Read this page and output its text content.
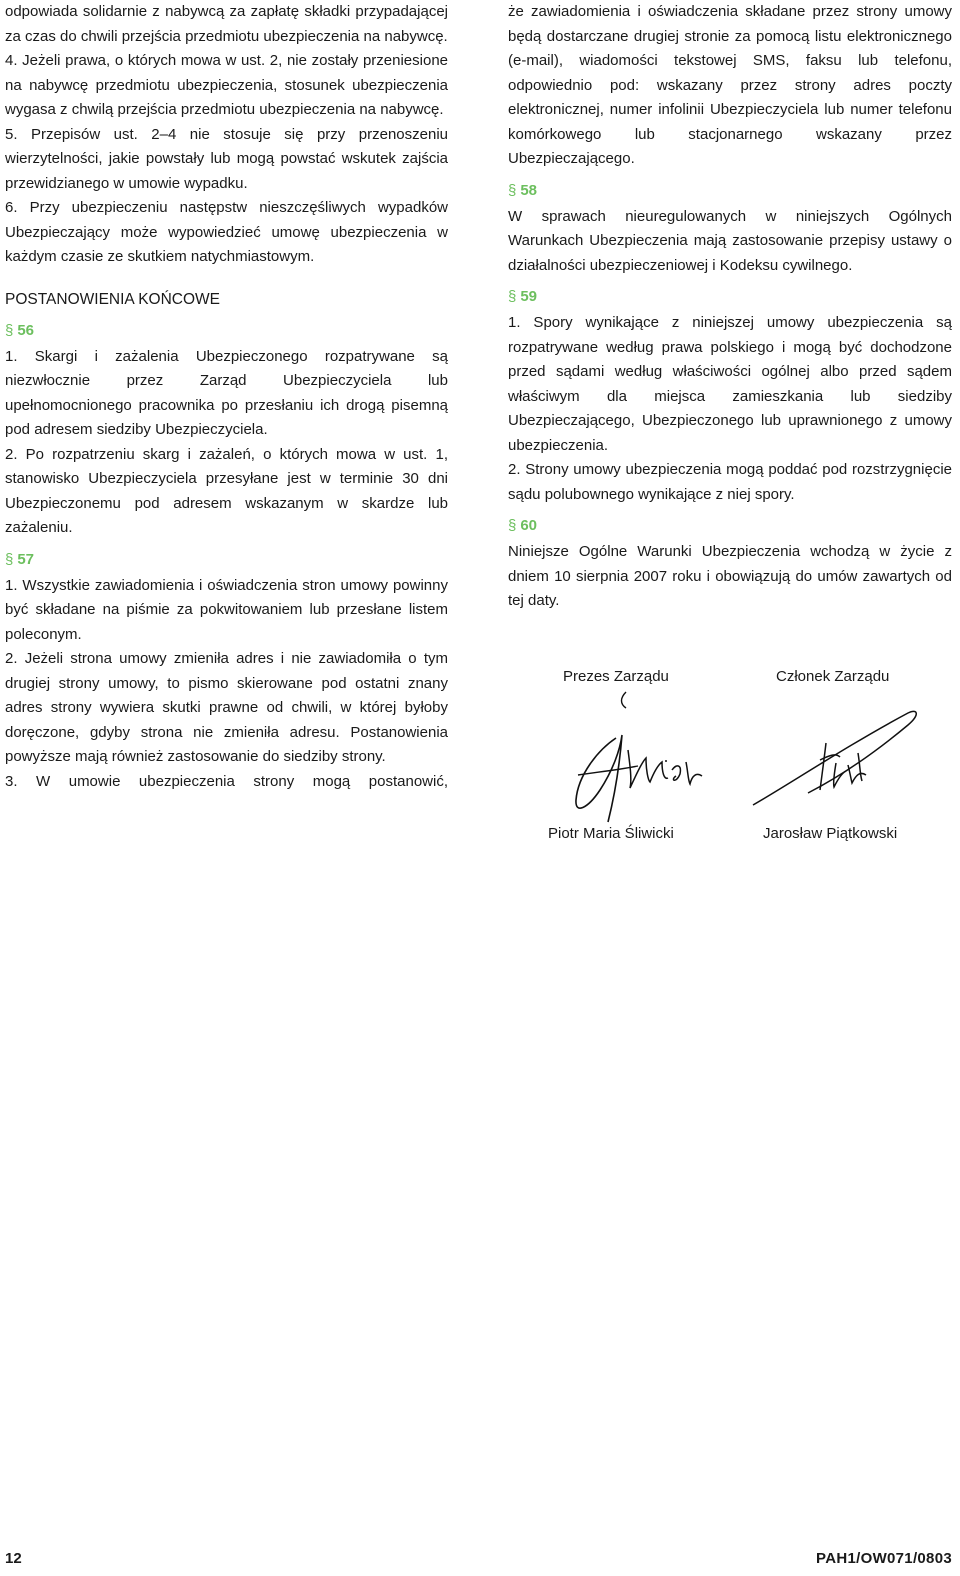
odpowiada solidarnie z nabywcą za zapłatę składki przypadającej za czas do chwili przejścia przedmiotu ubezpieczenia na nabywcę.

4. Jeżeli prawa, o których mowa w ust. 2, nie zostały przeniesione na nabywcę przedmiotu ubezpieczenia, stosunek ubezpieczenia wygasa z chwilą przejścia przedmiotu ubezpieczenia na nabywcę.

5. Przepisów ust. 2–4 nie stosuje się przy przenoszeniu wierzytelności, jakie powstały lub mogą powstać wskutek zajścia przewidzianego w umowie wypadku.

6. Przy ubezpieczeniu następstw nieszczęśliwych wypadków Ubezpieczający może wypowiedzieć umowę ubezpieczenia w każdym czasie ze skutkiem natychmiastowym.

POSTANOWIENIA KOŃCOWE
§ 56

1. Skargi i zażalenia Ubezpieczonego rozpatrywane są niezwłocznie przez Zarząd Ubezpieczyciela lub upełnomocnionego pracownika po przesłaniu ich drogą pisemną pod adresem siedziby Ubezpieczyciela.

2. Po rozpatrzeniu skarg i zażaleń, o których mowa w ust. 1, stanowisko Ubezpieczyciela przesyłane jest w terminie 30 dni Ubezpieczonemu pod adresem wskazanym w skardze lub zażaleniu.

§ 57

1. Wszystkie zawiadomienia i oświadczenia stron umowy powinny być składane na piśmie za pokwitowaniem lub przesłane listem poleconym.

2. Jeżeli strona umowy zmieniła adres i nie zawiadomiła o tym drugiej strony umowy, to pismo skierowane pod ostatni znany adres strony wywiera skutki prawne od chwili, w której byłoby doręczone, gdyby strona nie zmieniła adresu. Postanowienia powyższe mają również zastosowanie do siedziby strony.

3. W umowie ubezpieczenia strony mogą postanowić,

że zawiadomienia i oświadczenia składane przez strony umowy będą dostarczane drugiej stronie za pomocą listu elektronicznego (e-mail), wiadomości tekstowej SMS, faksu lub telefonu, odpowiednio pod: wskazany przez strony adres poczty elektronicznej, numer infolinii Ubezpieczyciela lub numer telefonu komórkowego lub stacjonarnego wskazany przez Ubezpieczającego.

§ 58

W sprawach nieuregulowanych w niniejszych Ogólnych Warunkach Ubezpieczenia mają zastosowanie przepisy ustawy o działalności ubezpieczeniowej i Kodeksu cywilnego.

§ 59

1. Spory wynikające z niniejszej umowy ubezpieczenia są rozpatrywane według prawa polskiego i mogą być dochodzone przed sądami według właściwości ogólnej albo przed sądem właściwym dla miejsca zamieszkania lub siedziby Ubezpieczającego, Ubezpieczonego lub uprawnionego z umowy ubezpieczenia.

2. Strony umowy ubezpieczenia mogą poddać pod rozstrzygnięcie sądu polubownego wynikające z niej spory.

§ 60

Niniejsze Ogólne Warunki Ubezpieczenia wchodzą w życie z dniem 10 sierpnia 2007 roku i obowiązują do umów zawartych od tej daty.

Prezes Zarządu	Członek Zarządu
Piotr Maria Śliwicki	Jarosław Piątkowski
12	PAH1/OW071/0803
